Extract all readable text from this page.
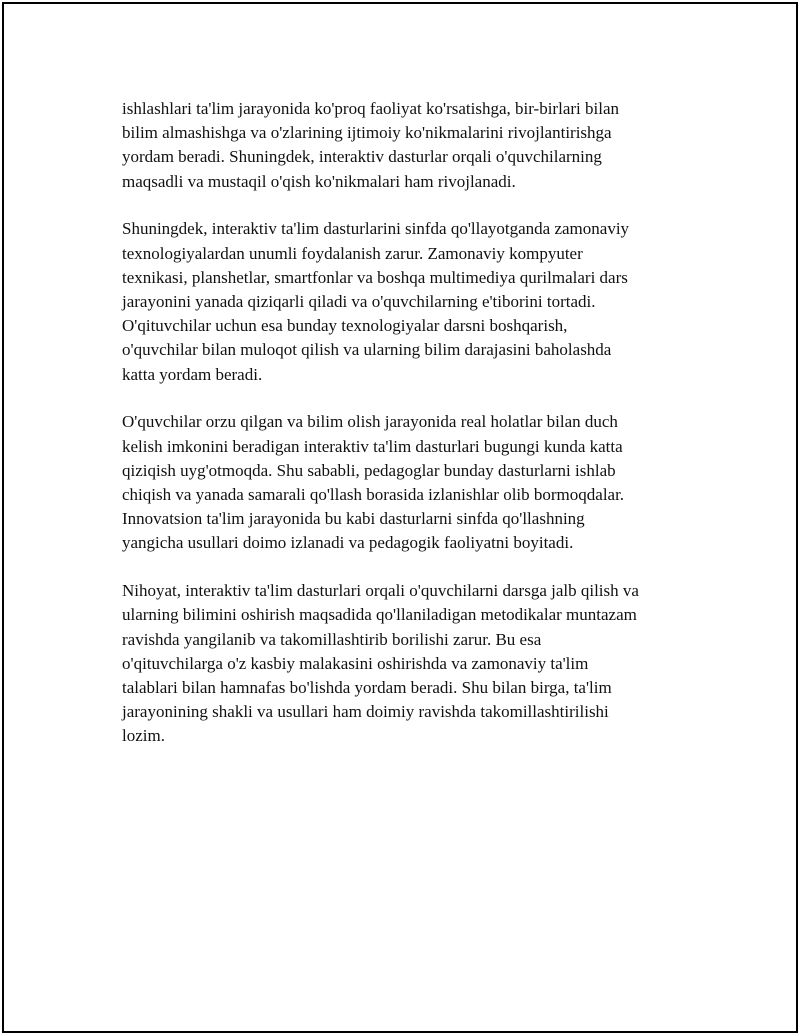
ishlashlari ta'lim jarayonida ko'proq faoliyat ko'rsatishga, bir-birlari bilan
bilim almashishga va o'zlarining ijtimoiy ko'nikmalarini rivojlantirishga
yordam beradi. Shuningdek, interaktiv dasturlar orqali o'quvchilarning
maqsadli va mustaqil o'qish ko'nikmalari ham rivojlanadi.

Shuningdek, interaktiv ta'lim dasturlarini sinfda qo'llayotganda zamonaviy
texnologiyalardan unumli foydalanish zarur. Zamonaviy kompyuter
texnikasi, planshetlar, smartfonlar va boshqa multimediya qurilmalari dars
jarayonini yanada qiziqarli qiladi va o'quvchilarning e'tiborini tortadi.
O'qituvchilar uchun esa bunday texnologiyalar darsni boshqarish,
o'quvchilar bilan muloqot qilish va ularning bilim darajasini baholashda
katta yordam beradi.

O'quvchilar orzu qilgan va bilim olish jarayonida real holatlar bilan duch
kelish imkonini beradigan interaktiv ta'lim dasturlari bugungi kunda katta
qiziqish uyg'otmoqda. Shu sababli, pedagoglar bunday dasturlarni ishlab
chiqish va yanada samarali qo'llash borasida izlanishlar olib bormoqdalar.
Innovatsion ta'lim jarayonida bu kabi dasturlarni sinfda qo'llashning
yangicha usullari doimo izlanadi va pedagogik faoliyatni boyitadi.

Nihoyat, interaktiv ta'lim dasturlari orqali o'quvchilarni darsga jalb qilish va
ularning bilimini oshirish maqsadida qo'llaniladigan metodikalar muntazam
ravishda yangilanib va takomillashtirib borilishi zarur. Bu esa
o'qituvchilarga o'z kasbiy malakasini oshirishda va zamonaviy ta'lim
talablari bilan hamnafas bo'lishda yordam beradi. Shu bilan birga, ta'lim
jarayonining shakli va usullari ham doimiy ravishda takomillashtirilishi
lozim.
